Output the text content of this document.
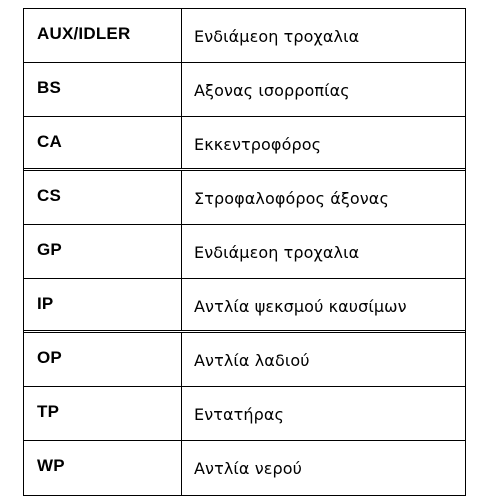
AUX/IDLER	Ενδιάμεοη τροχαλια
BS	Αξονας ισορροπίας
CA	Εκκεντροφόρος
CS	Στροφαλοφόρος άξονας
GP	Ενδιάμεοη τροχαλια
IP	Αντλία ψεκσμού καυσίμων
OP	Αντλία λαδιού
TP	Εντατήρας
WP	Αντλία νερού
